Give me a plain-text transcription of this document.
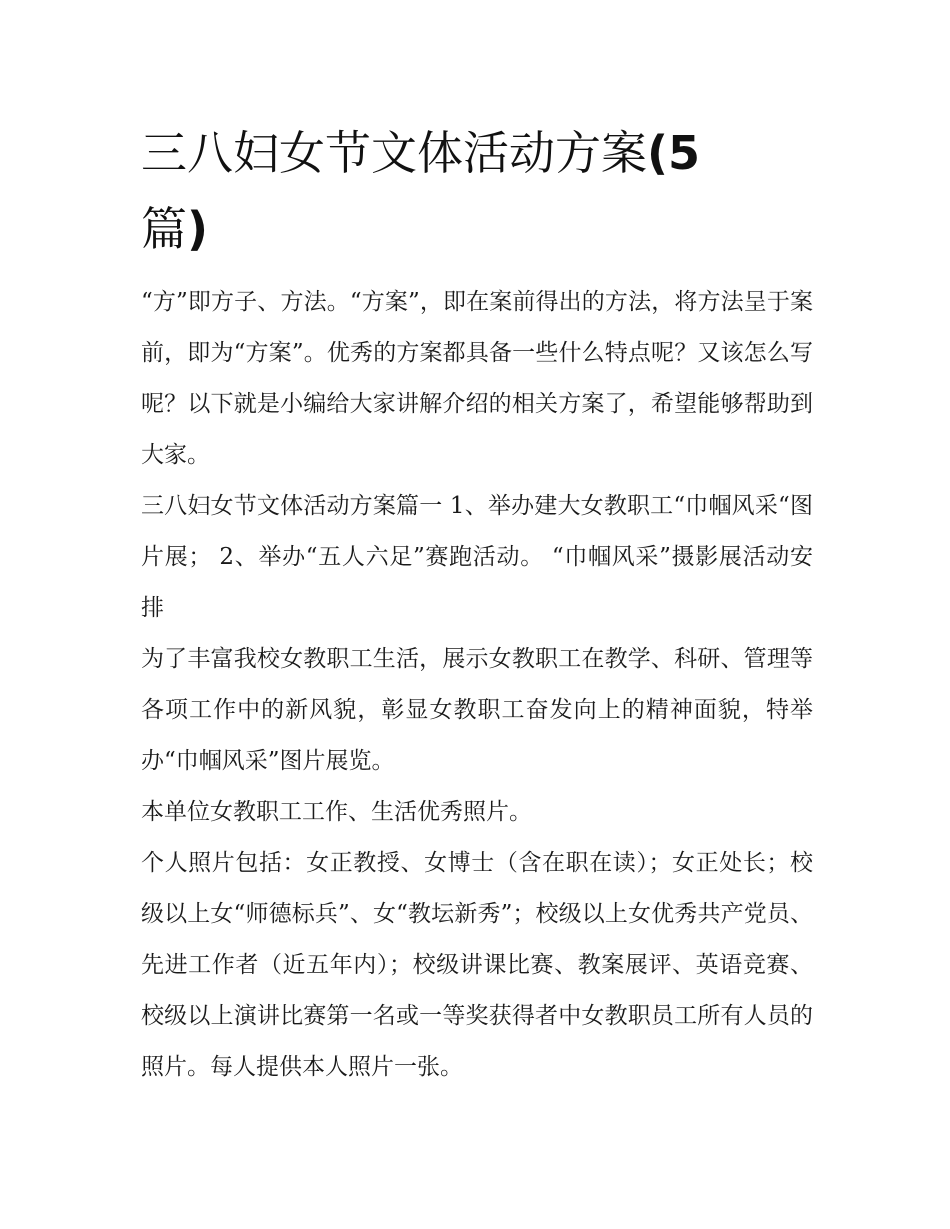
三八妇女节文体活动方案(5
篇)

“方”即方子、方法。“方案”，即在案前得出的方法，将方法呈于案前，即为“方案”。优秀的方案都具备一些什么特点呢？又该怎么写呢？以下就是小编给大家讲解介绍的相关方案了，希望能够帮助到大家。

三八妇女节文体活动方案篇一 1、举办建大女教职工“巾帼风采“图片展； 2、举办“五人六足”赛跑活动。 “巾帼风采”摄影展活动安排

为了丰富我校女教职工生活，展示女教职工在教学、科研、管理等各项工作中的新风貌，彰显女教职工奋发向上的精神面貌，特举办“巾帼风采”图片展览。

本单位女教职工工作、生活优秀照片。

个人照片包括：女正教授、女博士（含在职在读）；女正处长；校级以上女“师德标兵”、女“教坛新秀”；校级以上女优秀共产党员、先进工作者（近五年内）；校级讲课比赛、教案展评、英语竞赛、校级以上演讲比赛第一名或一等奖获得者中女教职员工所有人员的照片。每人提供本人照片一张。
